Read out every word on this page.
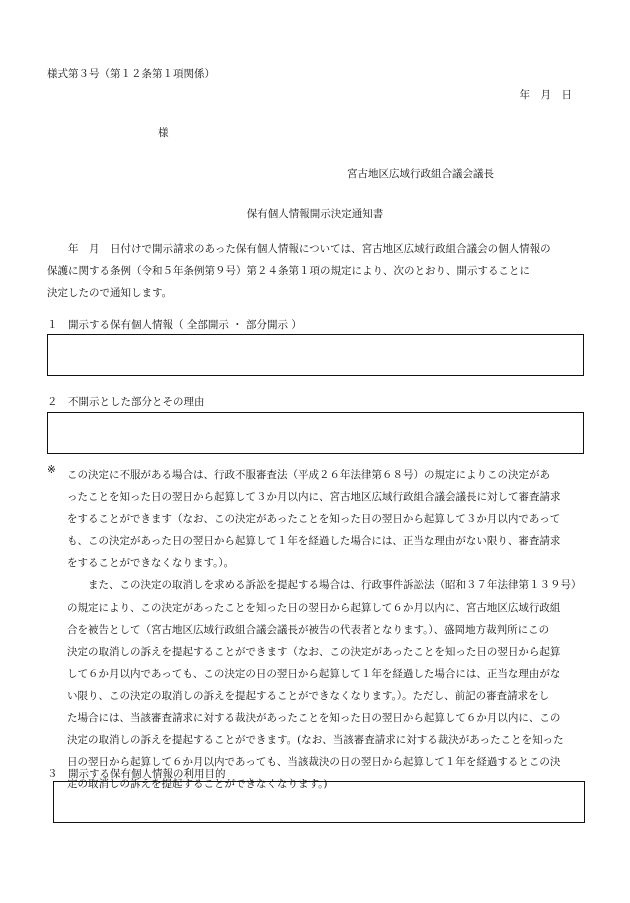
様式第３号（第１２条第１項関係）
年　月　日
様
宮古地区広域行政組合議会議長
保有個人情報開示決定通知書
年　月　日付けで開示請求のあった保有個人情報については、宮古地区広域行政組合議会の個人情報の
保護に関する条例（令和５年条例第９号）第２４条第１項の規定により、次のとおり、開示することに
決定したので通知します。
１　開示する保有個人情報（ 全部開示 ・ 部分開示 ）
２　不開示とした部分とその理由
※ この決定に不服がある場合は、行政不服審査法（平成２６年法律第６８号）の規定によりこの決定があ
ったことを知った日の翌日から起算して３か月以内に、宮古地区広域行政組合議会議長に対して審査請求
をすることができます（なお、この決定があったことを知った日の翌日から起算して３か月以内であって
も、この決定があった日の翌日から起算して１年を経過した場合には、正当な理由がない限り、審査請求
をすることができなくなります。）。
また、この決定の取消しを求める訴訟を提起する場合は、行政事件訴訟法（昭和３７年法律第１３９号）
の規定により、この決定があったことを知った日の翌日から起算して６か月以内に、宮古地区広域行政組
合を被告として（宮古地区広域行政組合議会議長が被告の代表者となります。）、盛岡地方裁判所にこの
決定の取消しの訴えを提起することができます（なお、この決定があったことを知った日の翌日から起算
して６か月以内であっても、この決定の日の翌日から起算して１年を経過した場合には、正当な理由がな
い限り、この決定の取消しの訴えを提起することができなくなります。）。ただし、前記の審査請求をし
た場合には、当該審査請求に対する裁決があったことを知った日の翌日から起算して６か月以内に、この
決定の取消しの訴えを提起することができます。(なお、当該審査請求に対する裁決があったことを知った
日の翌日から起算して６か月以内であっても、当該裁決の日の翌日から起算して１年を経過するとこの決
定の取消しの訴えを提起することができなくなります。)
３　開示する保有個人情報の利用目的
